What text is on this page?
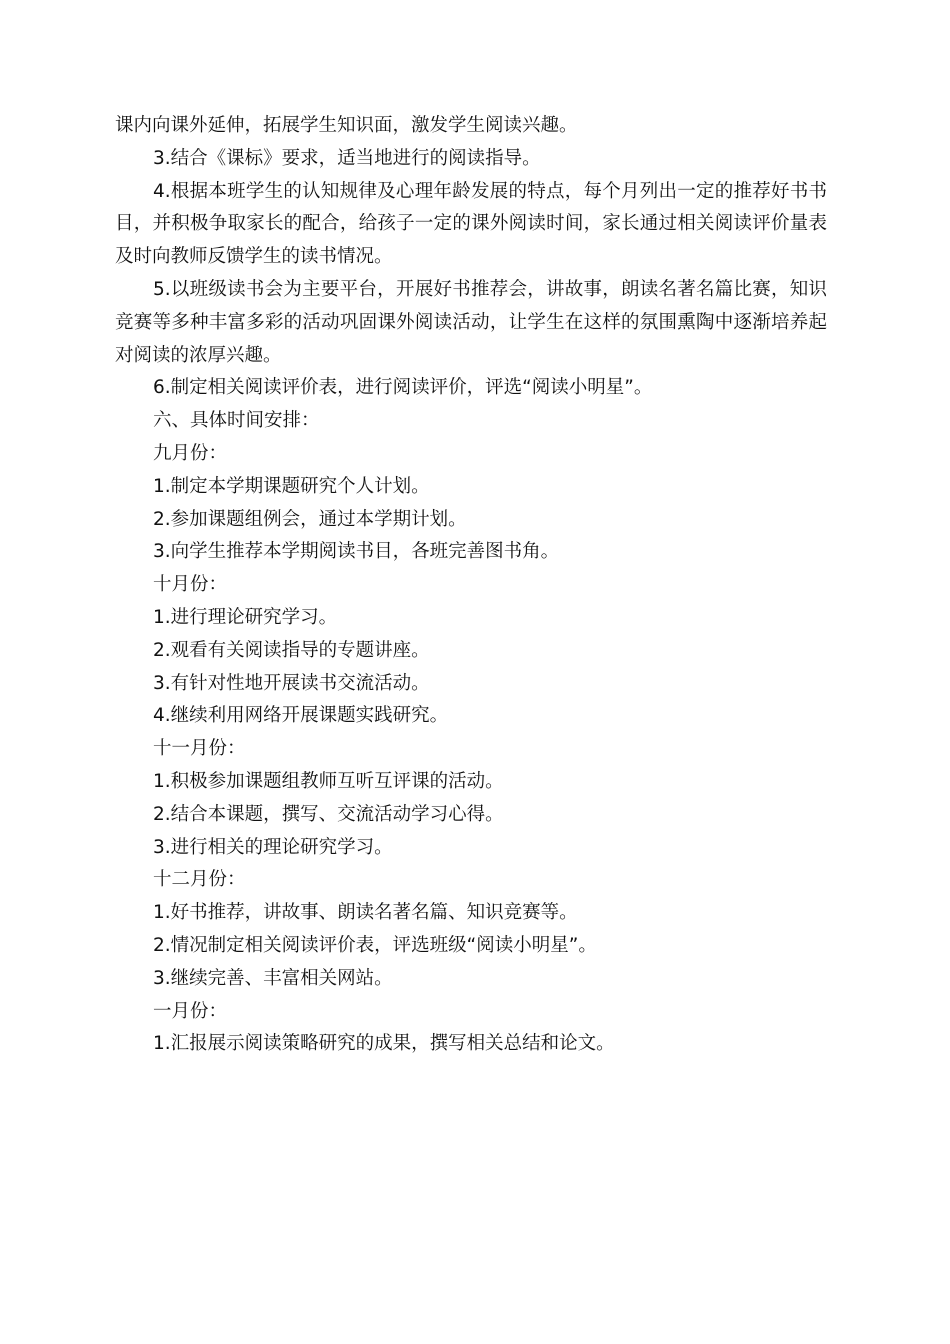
课内向课外延伸，拓展学生知识面，激发学生阅读兴趣。

3.结合《课标》要求，适当地进行的阅读指导。

4.根据本班学生的认知规律及心理年龄发展的特点，每个月列出一定的推荐好书书目，并积极争取家长的配合，给孩子一定的课外阅读时间，家长通过相关阅读评价量表及时向教师反馈学生的读书情况。

5.以班级读书会为主要平台，开展好书推荐会，讲故事，朗读名著名篇比赛，知识竞赛等多种丰富多彩的活动巩固课外阅读活动，让学生在这样的氛围熏陶中逐渐培养起对阅读的浓厚兴趣。

6.制定相关阅读评价表，进行阅读评价，评选“阅读小明星”。

六、具体时间安排：

九月份：

1.制定本学期课题研究个人计划。

2.参加课题组例会，通过本学期计划。

3.向学生推荐本学期阅读书目，各班完善图书角。

十月份：

1.进行理论研究学习。

2.观看有关阅读指导的专题讲座。

3.有针对性地开展读书交流活动。

4.继续利用网络开展课题实践研究。

十一月份：

1.积极参加课题组教师互听互评课的活动。

2.结合本课题，撰写、交流活动学习心得。

3.进行相关的理论研究学习。

十二月份：

1.好书推荐，讲故事、朗读名著名篇、知识竞赛等。

2.情况制定相关阅读评价表，评选班级“阅读小明星”。

3.继续完善、丰富相关网站。

一月份：

1.汇报展示阅读策略研究的成果，撰写相关总结和论文。
